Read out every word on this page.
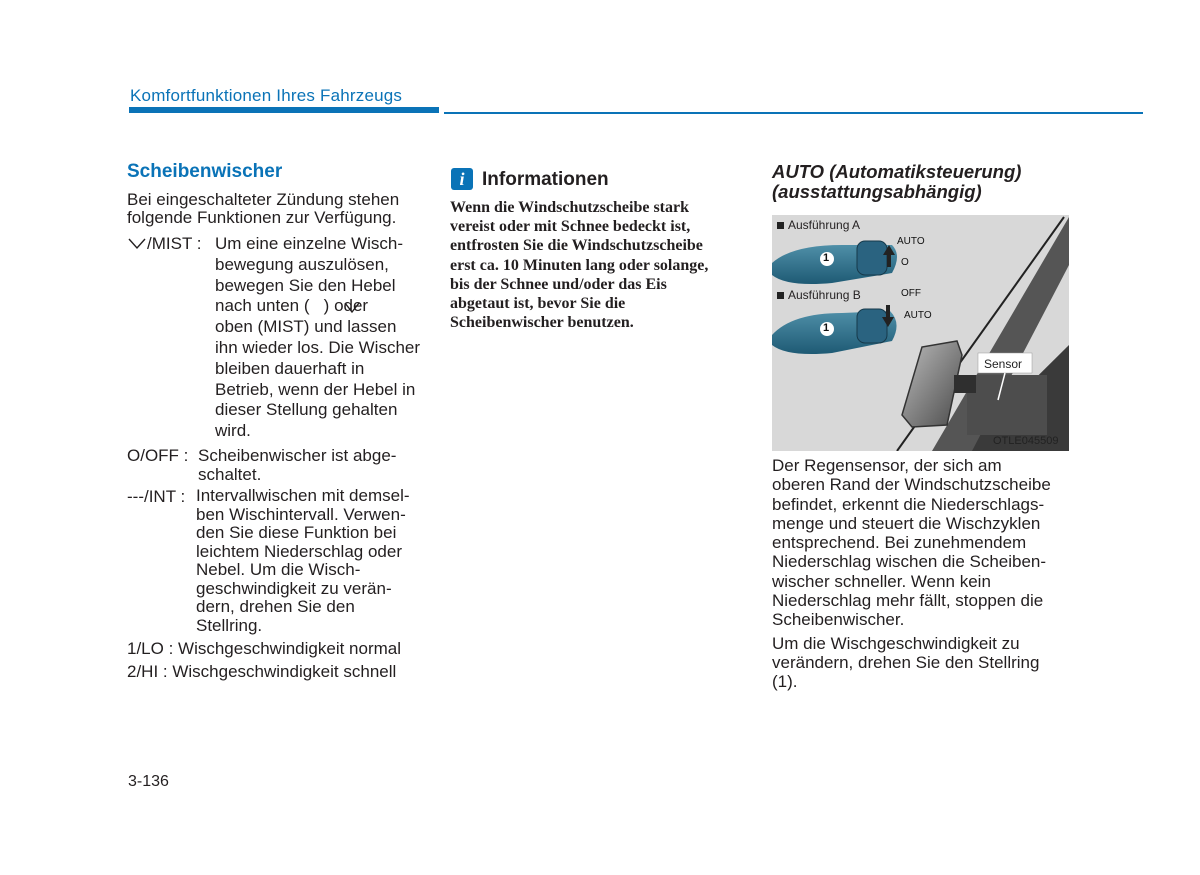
Komfortfunktionen Ihres Fahrzeugs
Scheibenwischer
Bei eingeschalteter Zündung stehen folgende Funktionen zur Verfügung.
/MIST : Um eine einzelne Wisch-
bewegung auszulösen,
bewegen Sie den Hebel
nach unten (   ) oder
oben (MIST) und lassen
ihn wieder los. Die Wischer
bleiben dauerhaft in
Betrieb, wenn der Hebel in
dieser Stellung gehalten
wird.
O/OFF : Scheibenwischer ist abge-
schaltet.
---/INT : Intervallwischen mit demsel-
ben Wischintervall. Verwen-
den Sie diese Funktion bei
leichtem Niederschlag oder
Nebel. Um die Wisch-
geschwindigkeit zu verän-
dern, drehen Sie den
Stellring.
1/LO : Wischgeschwindigkeit normal
2/HI : Wischgeschwindigkeit schnell
i Informationen
Wenn die Windschutzscheibe stark
vereist oder mit Schnee bedeckt ist,
entfrosten Sie die Windschutzscheibe
erst ca. 10 Minuten lang oder solange,
bis der Schnee und/oder das Eis
abgetaut ist, bevor Sie die
Scheibenwischer benutzen.
AUTO (Automatiksteuerung)
(ausstattungsabhängig)
Ausführung A
Ausführung B
AUTO
O
OFF
AUTO
1
1
Sensor
OTLE045509
Der Regensensor, der sich am
oberen Rand der Windschutzscheibe
befindet, erkennt die Niederschlags-
menge und steuert die Wischzyklen
entsprechend. Bei zunehmendem
Niederschlag wischen die Scheiben-
wischer schneller. Wenn kein
Niederschlag mehr fällt, stoppen die
Scheibenwischer.
Um die Wischgeschwindigkeit zu
verändern, drehen Sie den Stellring
(1).
3-136
